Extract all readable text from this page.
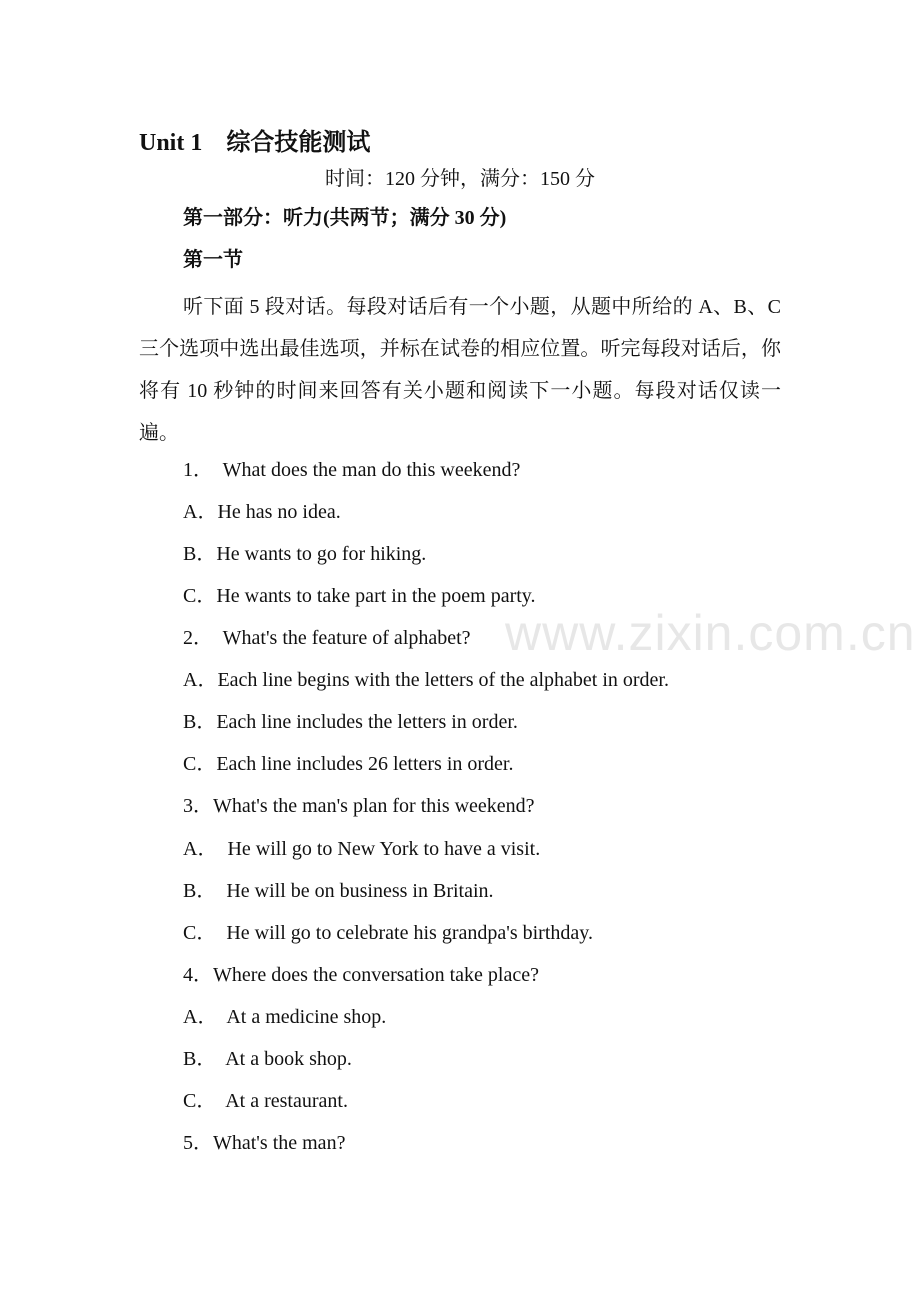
Unit 1    综合技能测试
时间：120 分钟，满分：150 分
第一部分：听力(共两节；满分 30 分)
第一节
听下面 5 段对话。每段对话后有一个小题，从题中所给的 A、B、C 三个选项中选出最佳选项，并标在试卷的相应位置。听完每段对话后，你将有 10 秒钟的时间来回答有关小题和阅读下一小题。每段对话仅读一遍。
1．  What does the man do this weekend?
A．He has no idea.
B．He wants to go for hiking.
C．He wants to take part in the poem party.
2．  What's the feature of alphabet?
A．Each line begins with the letters of the alphabet in order.
B．Each line includes the letters in order.
C．Each line includes 26 letters in order.
3．What's the man's plan for this weekend?
A．  He will go to New York to have a visit.
B．  He will be on business in Britain.
C．  He will go to celebrate his grandpa's birthday.
4．Where does the conversation take place?
A．  At a medicine shop.
B．  At a book shop.
C．  At a restaurant.
5．What's the man?
www.zixin.com.cn
